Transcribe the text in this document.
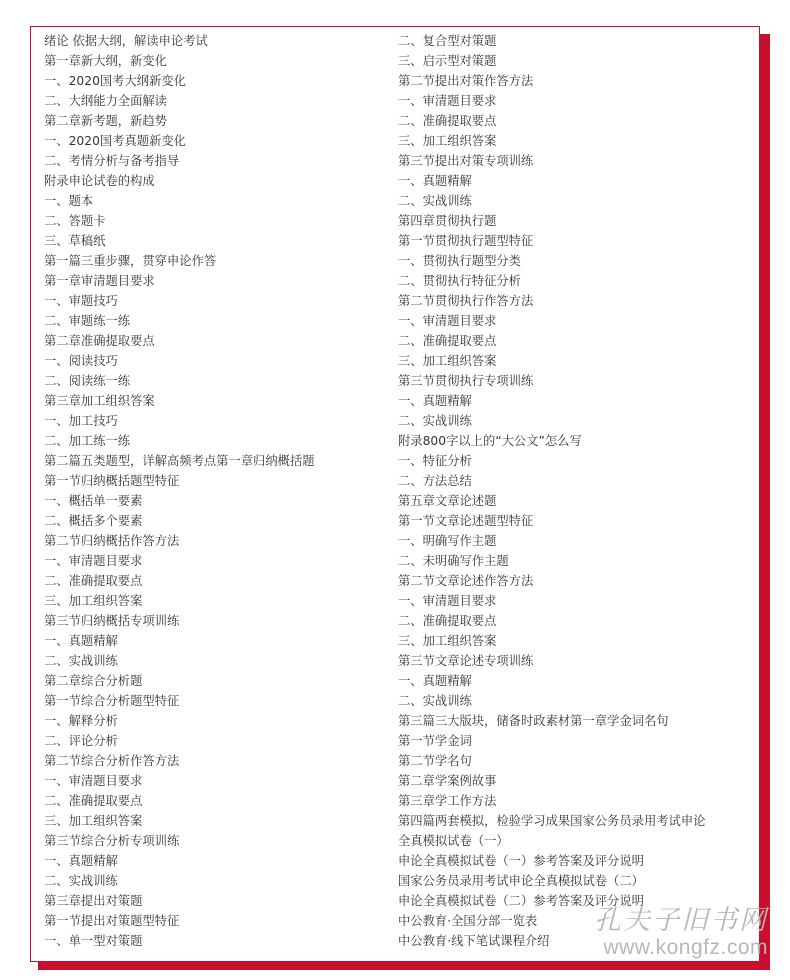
绪论 依据大纲，解读申论考试
第一章新大纲，新变化
一、2020国考大纲新变化
二、大纲能力全面解读
第二章新考题，新趋势
一、2020国考真题新变化
二、考情分析与备考指导
附录申论试卷的构成
一、题本
二、答题卡
三、草稿纸
第一篇三重步骤，贯穿申论作答
第一章审清题目要求
一、审题技巧
二、审题练一练
第二章准确提取要点
一、阅读技巧
二、阅读练一练
第三章加工组织答案
一、加工技巧
二、加工练一练
第二篇五类题型，详解高频考点第一章归纳概括题
第一节归纳概括题型特征
一、概括单一要素
二、概括多个要素
第二节归纳概括作答方法
一、审清题目要求
二、准确提取要点
三、加工组织答案
第三节归纳概括专项训练
一、真题精解
二、实战训练
第二章综合分析题
第一节综合分析题型特征
一、解释分析
二、评论分析
第二节综合分析作答方法
一、审清题目要求
二、准确提取要点
三、加工组织答案
第三节综合分析专项训练
一、真题精解
二、实战训练
第三章提出对策题
第一节提出对策题型特征
一、单一型对策题
二、复合型对策题
三、启示型对策题
第二节提出对策作答方法
一、审清题目要求
二、准确提取要点
三、加工组织答案
第三节提出对策专项训练
一、真题精解
二、实战训练
第四章贯彻执行题
第一节贯彻执行题型特征
一、贯彻执行题型分类
二、贯彻执行特征分析
第二节贯彻执行作答方法
一、审清题目要求
二、准确提取要点
三、加工组织答案
第三节贯彻执行专项训练
一、真题精解
二、实战训练
附录800字以上的“大公文”怎么写
一、特征分析
二、方法总结
第五章文章论述题
第一节文章论述题型特征
一、明确写作主题
二、未明确写作主题
第二节文章论述作答方法
一、审清题目要求
二、准确提取要点
三、加工组织答案
第三节文章论述专项训练
一、真题精解
二、实战训练
第三篇三大版块，储备时政素材第一章学金词名句
第一节学金词
第二节学名句
第二章学案例故事
第三章学工作方法
第四篇两套模拟，检验学习成果国家公务员录用考试申论
全真模拟试卷（一）
申论全真模拟试卷（一）参考答案及评分说明
国家公务员录用考试申论全真模拟试卷（二）
申论全真模拟试卷（二）参考答案及评分说明
中公教育·全国分部一览表
中公教育·线下笔试课程介绍
孔夫子旧书网
www.kongfz.com
